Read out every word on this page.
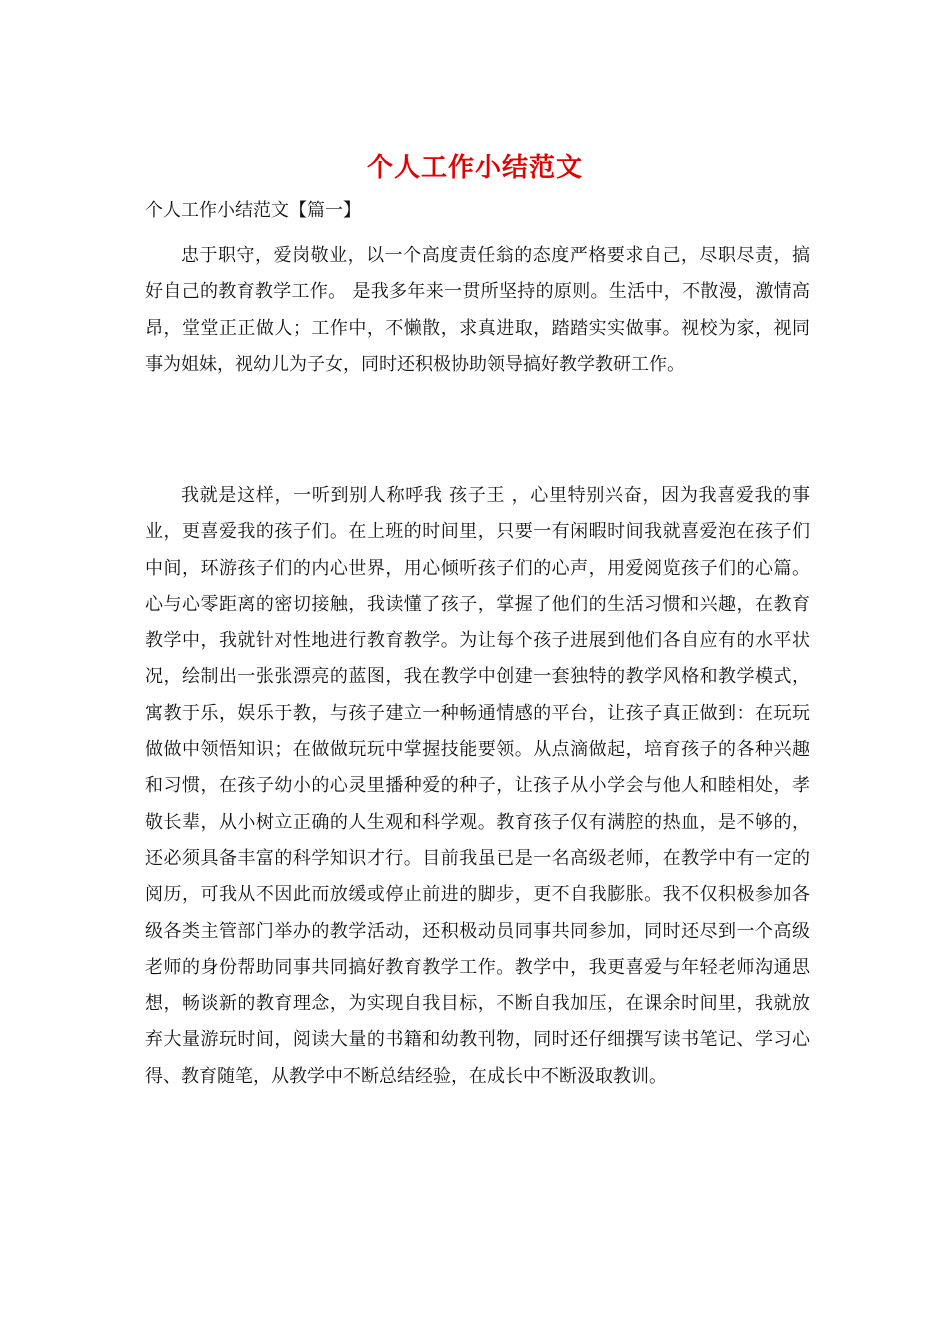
个人工作小结范文
个人工作小结范文【篇一】

忠于职守，爱岗敬业，以一个高度责任翁的态度严格要求自己，尽职尽责，搞好自己的教育教学工作。 是我多年来一贯所坚持的原则。生活中，不散漫，激情高昂，堂堂正正做人；工作中，不懒散，求真进取，踏踏实实做事。视校为家，视同事为姐妹，视幼儿为子女，同时还积极协助领导搞好教学教研工作。

我就是这样，一听到别人称呼我 孩子王 ，心里特别兴奋，因为我喜爱我的事业，更喜爱我的孩子们。在上班的时间里，只要一有闲暇时间我就喜爱泡在孩子们中间，环游孩子们的内心世界，用心倾听孩子们的心声，用爱阅览孩子们的心篇。心与心零距离的密切接触，我读懂了孩子，掌握了他们的生活习惯和兴趣，在教育教学中，我就针对性地进行教育教学。为让每个孩子进展到他们各自应有的水平状况，绘制出一张张漂亮的蓝图，我在教学中创建一套独特的教学风格和教学模式，寓教于乐，娱乐于教，与孩子建立一种畅通情感的平台，让孩子真正做到：在玩玩做做中领悟知识；在做做玩玩中掌握技能要领。从点滴做起，培育孩子的各种兴趣和习惯，在孩子幼小的心灵里播种爱的种子，让孩子从小学会与他人和睦相处，孝敬长辈，从小树立正确的人生观和科学观。教育孩子仅有满腔的热血，是不够的，还必须具备丰富的科学知识才行。目前我虽已是一名高级老师，在教学中有一定的阅历，可我从不因此而放缓或停止前进的脚步，更不自我膨胀。我不仅积极参加各级各类主管部门举办的教学活动，还积极动员同事共同参加，同时还尽到一个高级老师的身份帮助同事共同搞好教育教学工作。教学中，我更喜爱与年轻老师沟通思想，畅谈新的教育理念，为实现自我目标，不断自我加压，在课余时间里，我就放弃大量游玩时间，阅读大量的书籍和幼教刊物，同时还仔细撰写读书笔记、学习心得、教育随笔，从教学中不断总结经验，在成长中不断汲取教训。
